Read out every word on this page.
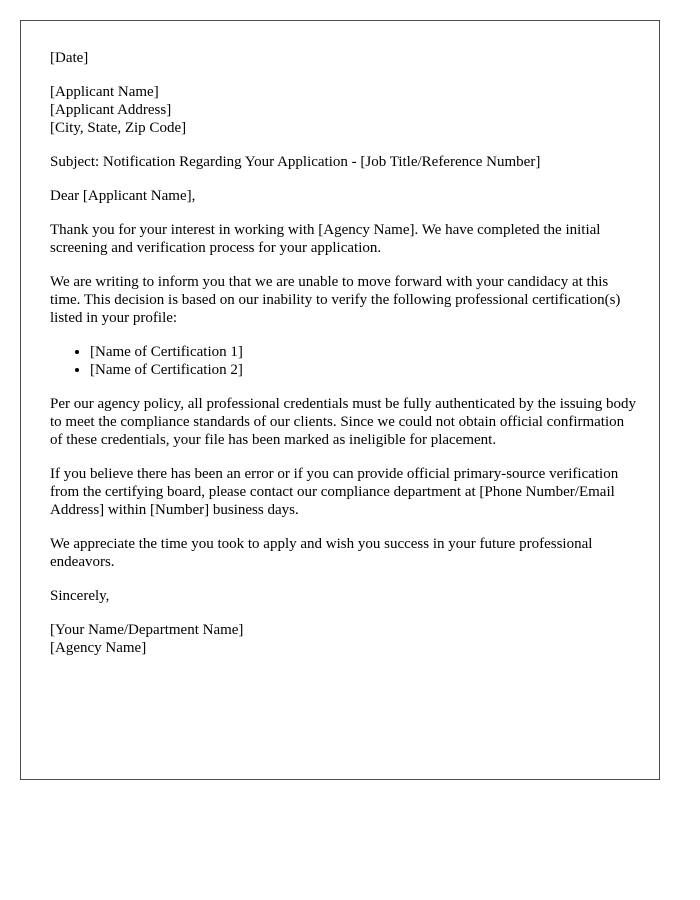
[Date]

[Applicant Name]
[Applicant Address]
[City, State, Zip Code]

Subject: Notification Regarding Your Application - [Job Title/Reference Number]

Dear [Applicant Name],

Thank you for your interest in working with [Agency Name]. We have completed the initial screening and verification process for your application.

We are writing to inform you that we are unable to move forward with your candidacy at this time. This decision is based on our inability to verify the following professional certification(s) listed in your profile:

• [Name of Certification 1]
• [Name of Certification 2]

Per our agency policy, all professional credentials must be fully authenticated by the issuing body to meet the compliance standards of our clients. Since we could not obtain official confirmation of these credentials, your file has been marked as ineligible for placement.

If you believe there has been an error or if you can provide official primary-source verification from the certifying board, please contact our compliance department at [Phone Number/Email Address] within [Number] business days.

We appreciate the time you took to apply and wish you success in your future professional endeavors.

Sincerely,

[Your Name/Department Name]
[Agency Name]
